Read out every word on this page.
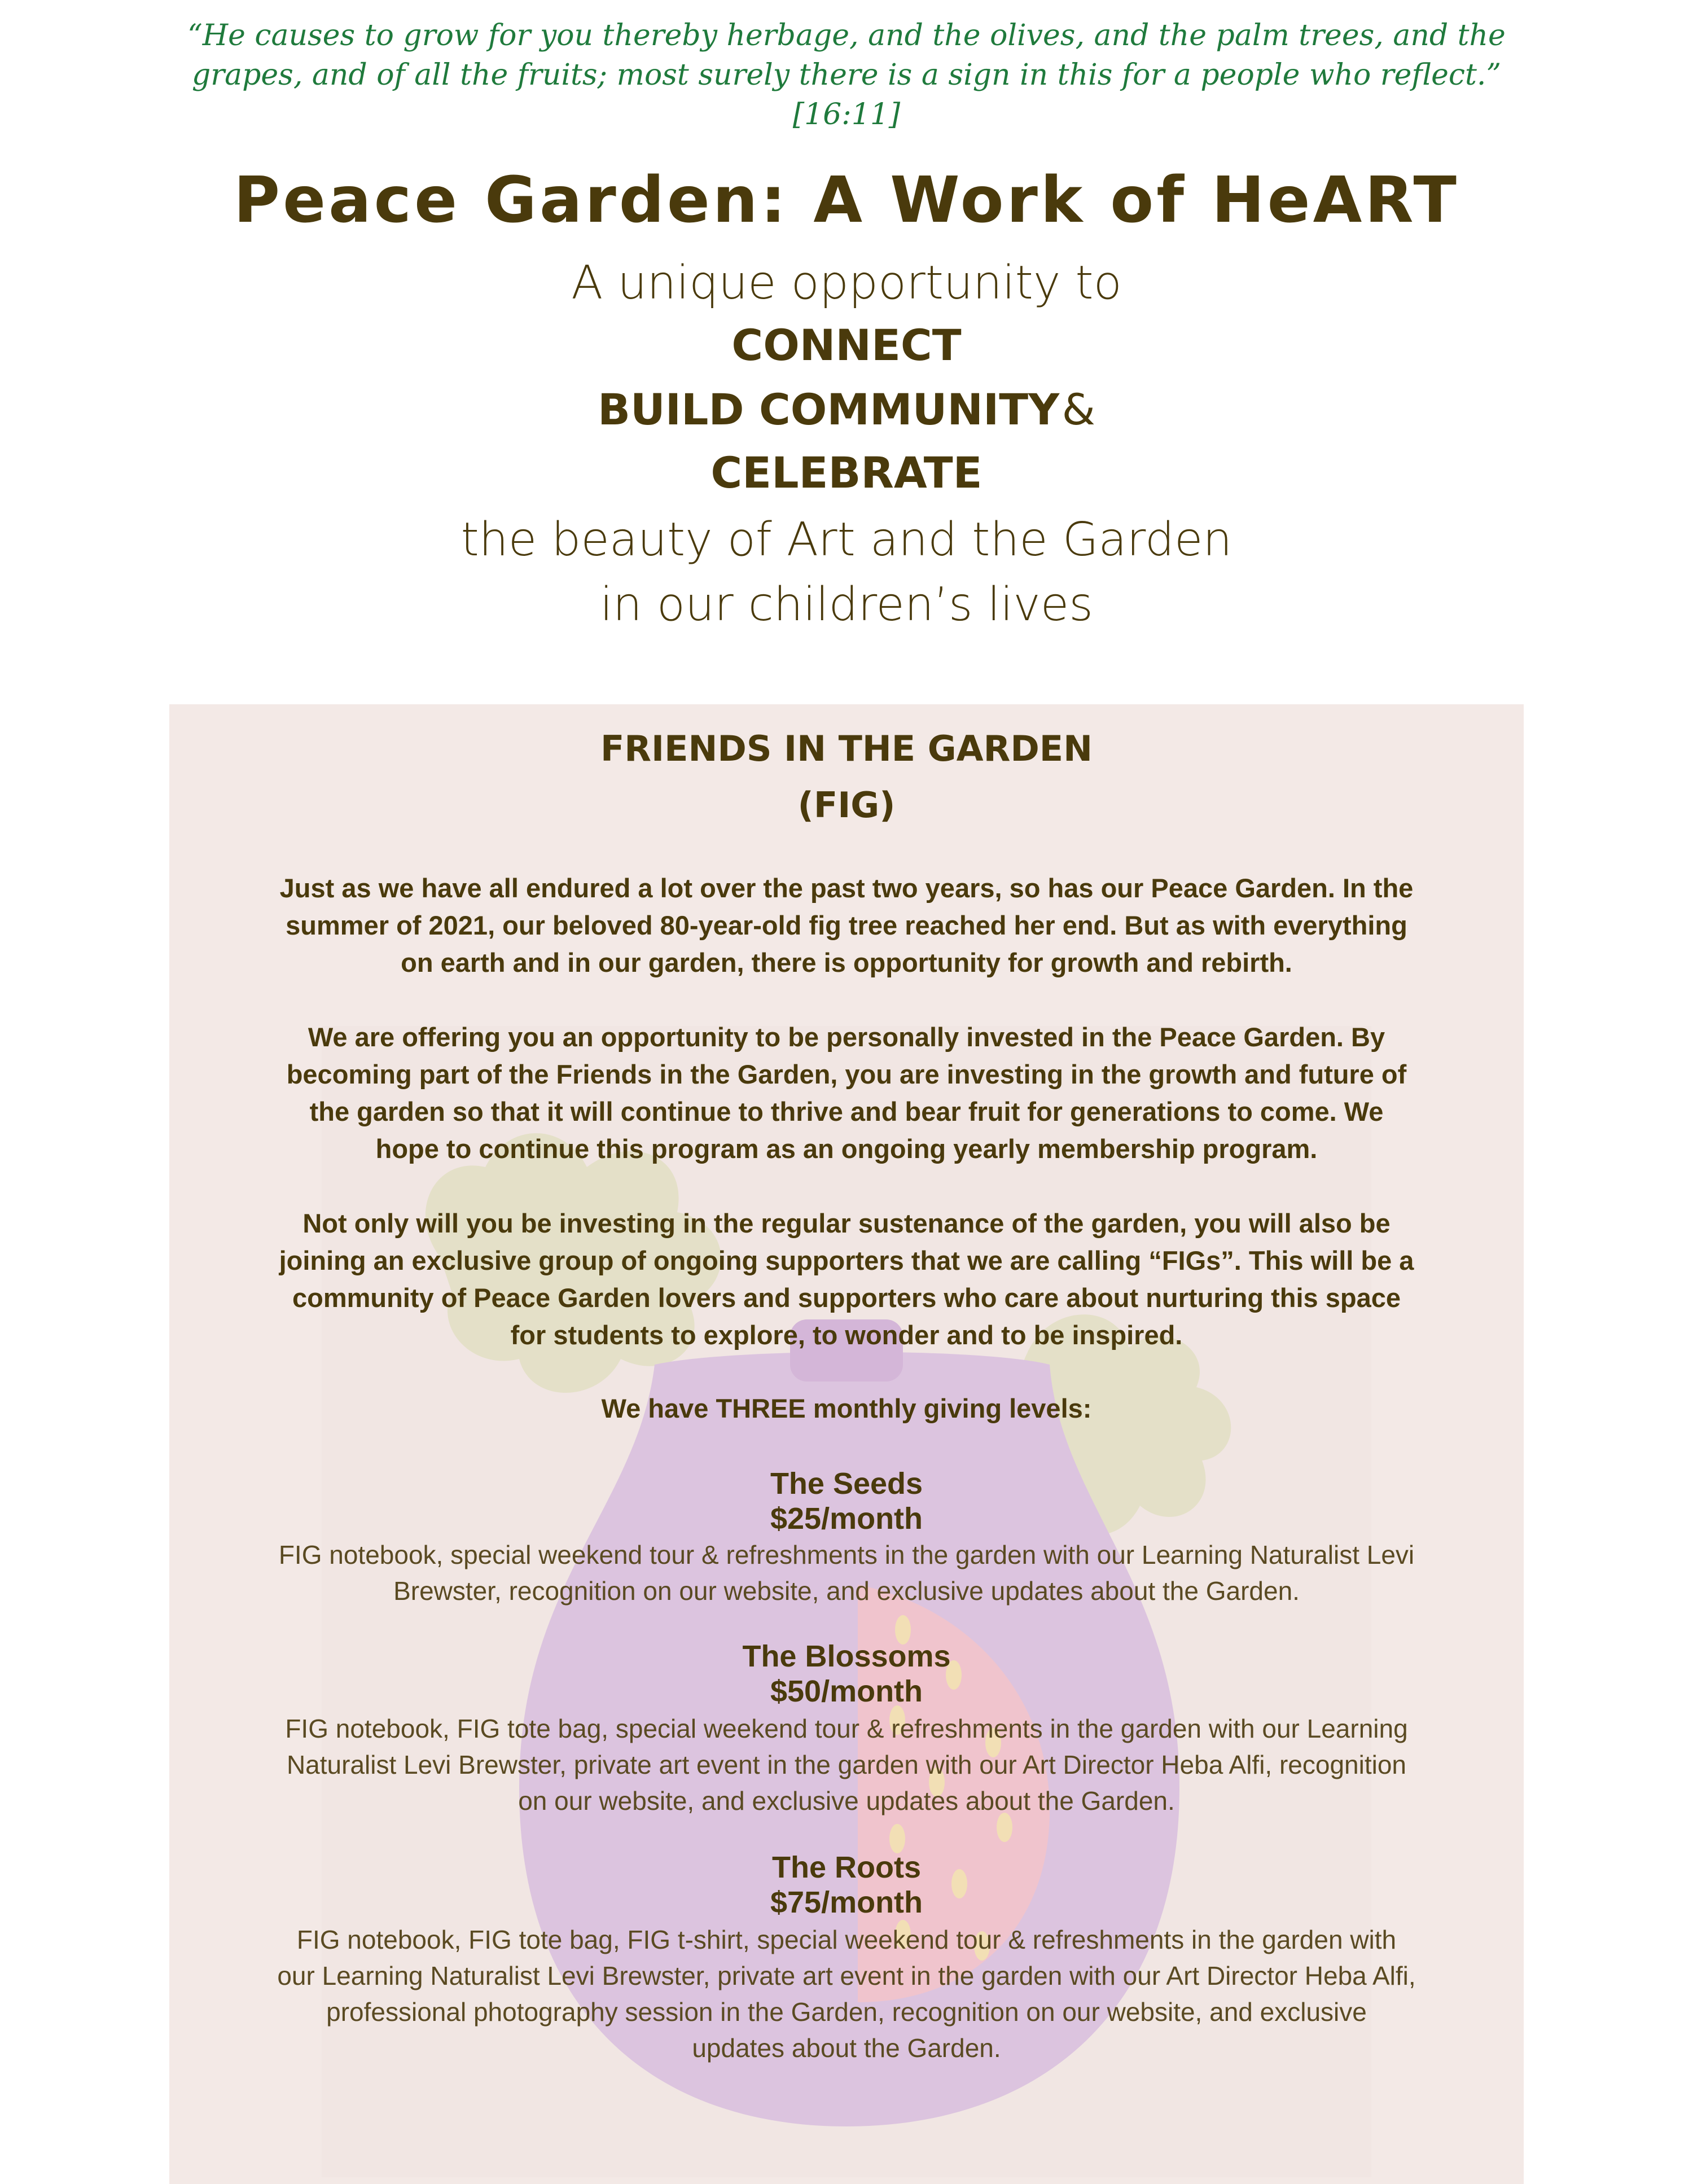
“He causes to grow for you thereby herbage, and the olives, and the palm trees, and the grapes, and of all the fruits; most surely there is a sign in this for a people who reflect.” [16:11]

Peace Garden: A Work of HeART

A unique opportunity to

CONNECT

BUILD COMMUNITY &

CELEBRATE

the beauty of Art and the Garden

in our children’s lives

FRIENDS IN THE GARDEN
(FIG)

Just as we have all endured a lot over the past two years, so has our Peace Garden. In the summer of 2021, our beloved 80-year-old fig tree reached her end. But as with everything on earth and in our garden, there is opportunity for growth and rebirth.

We are offering you an opportunity to be personally invested in the Peace Garden. By becoming part of the Friends in the Garden, you are investing in the growth and future of the garden so that it will continue to thrive and bear fruit for generations to come. We hope to continue this program as an ongoing yearly membership program.

Not only will you be investing in the regular sustenance of the garden, you will also be joining an exclusive group of ongoing supporters that we are calling “FIGs”. This will be a community of Peace Garden lovers and supporters who care about nurturing this space for students to explore, to wonder and to be inspired.

We have THREE monthly giving levels:

The Seeds

$25/month

FIG notebook, special weekend tour & refreshments in the garden with our Learning Naturalist Levi Brewster, recognition on our website, and exclusive updates about the Garden.

The Blossoms

$50/month

FIG notebook, FIG tote bag, special weekend tour & refreshments in the garden with our Learning Naturalist Levi Brewster, private art event in the garden with our Art Director Heba Alfi, recognition on our website, and exclusive updates about the Garden.

The Roots

$75/month

FIG notebook, FIG tote bag, FIG t-shirt, special weekend tour & refreshments in the garden with our Learning Naturalist Levi Brewster, private art event in the garden with our Art Director Heba Alfi, professional photography session in the Garden, recognition on our website, and exclusive updates about the Garden.
